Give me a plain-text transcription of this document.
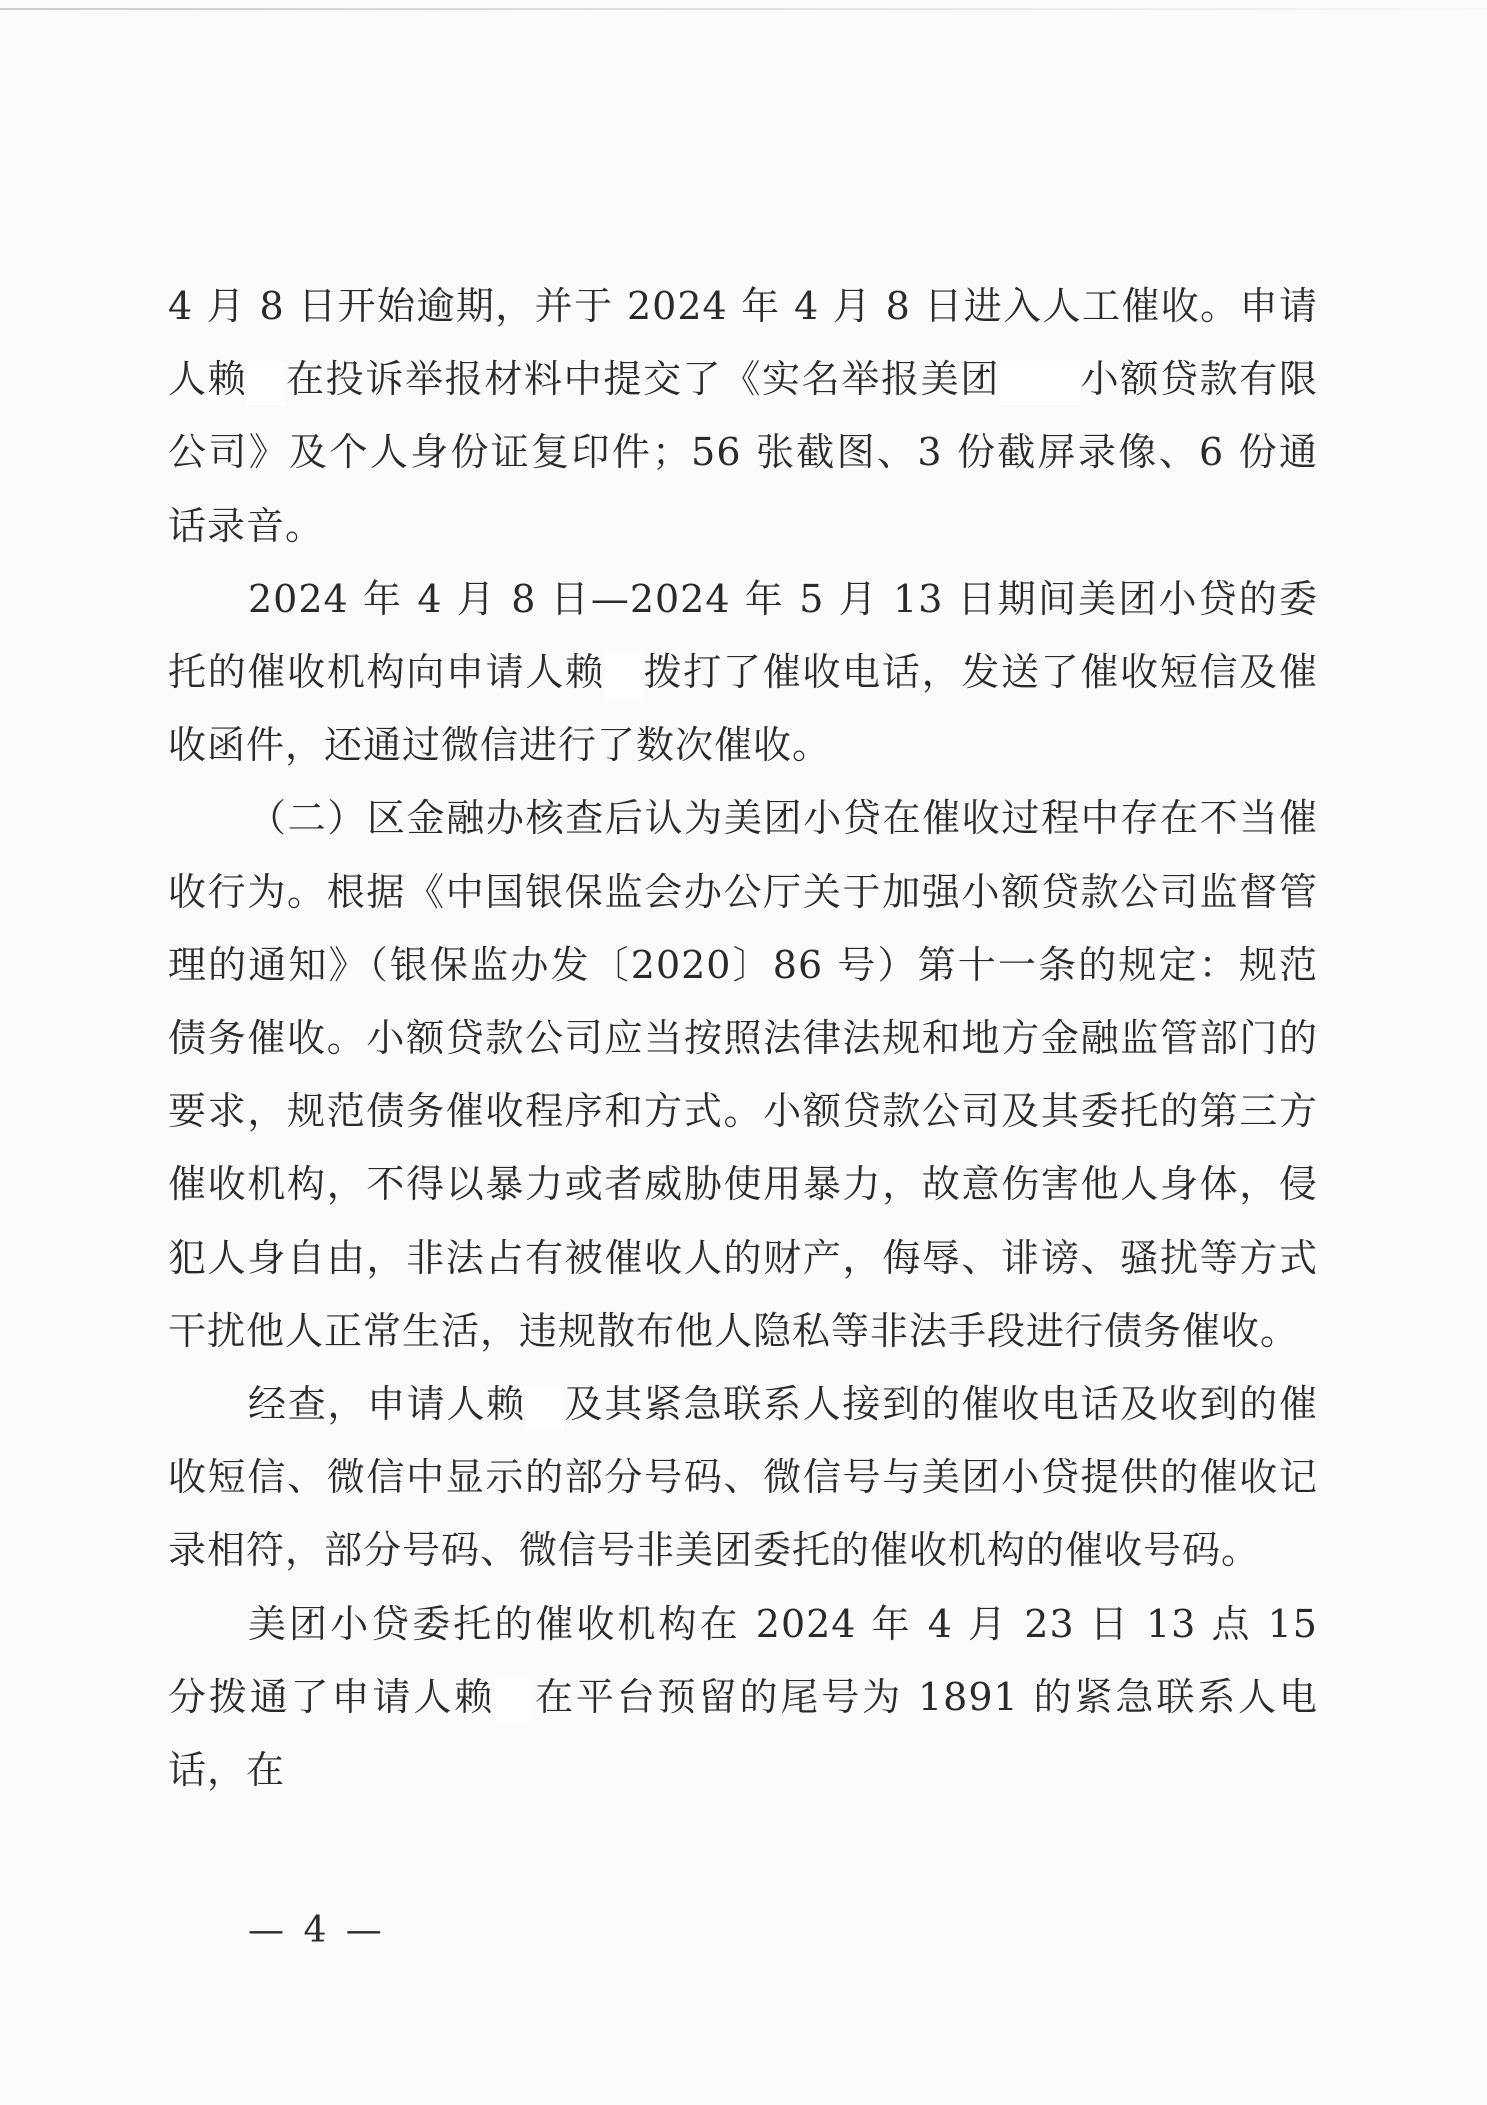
4 月 8 日开始逾期，并于 2024 年 4 月 8 日进入人工催收。申请人赖 在投诉举报材料中提交了《实名举报美团 小额贷款有限公司》及个人身份证复印件；56 张截图、3 份截屏录像、6 份通话录音。

2024 年 4 月 8 日—2024 年 5 月 13 日期间美团小贷的委托的催收机构向申请人赖 拨打了催收电话，发送了催收短信及催收函件，还通过微信进行了数次催收。

（二）区金融办核查后认为美团小贷在催收过程中存在不当催收行为。根据《中国银保监会办公厅关于加强小额贷款公司监督管理的通知》（银保监办发〔2020〕86 号）第十一条的规定：规范债务催收。小额贷款公司应当按照法律法规和地方金融监管部门的要求，规范债务催收程序和方式。小额贷款公司及其委托的第三方催收机构，不得以暴力或者威胁使用暴力，故意伤害他人身体，侵犯人身自由，非法占有被催收人的财产，侮辱、诽谤、骚扰等方式干扰他人正常生活，违规散布他人隐私等非法手段进行债务催收。

经查，申请人赖 及其紧急联系人接到的催收电话及收到的催收短信、微信中显示的部分号码、微信号与美团小贷提供的催收记录相符，部分号码、微信号非美团委托的催收机构的催收号码。

美团小贷委托的催收机构在 2024 年 4 月 23 日 13 点 15 分拨通了申请人赖 在平台预留的尾号为 1891 的紧急联系人电话，在

— 4 —
